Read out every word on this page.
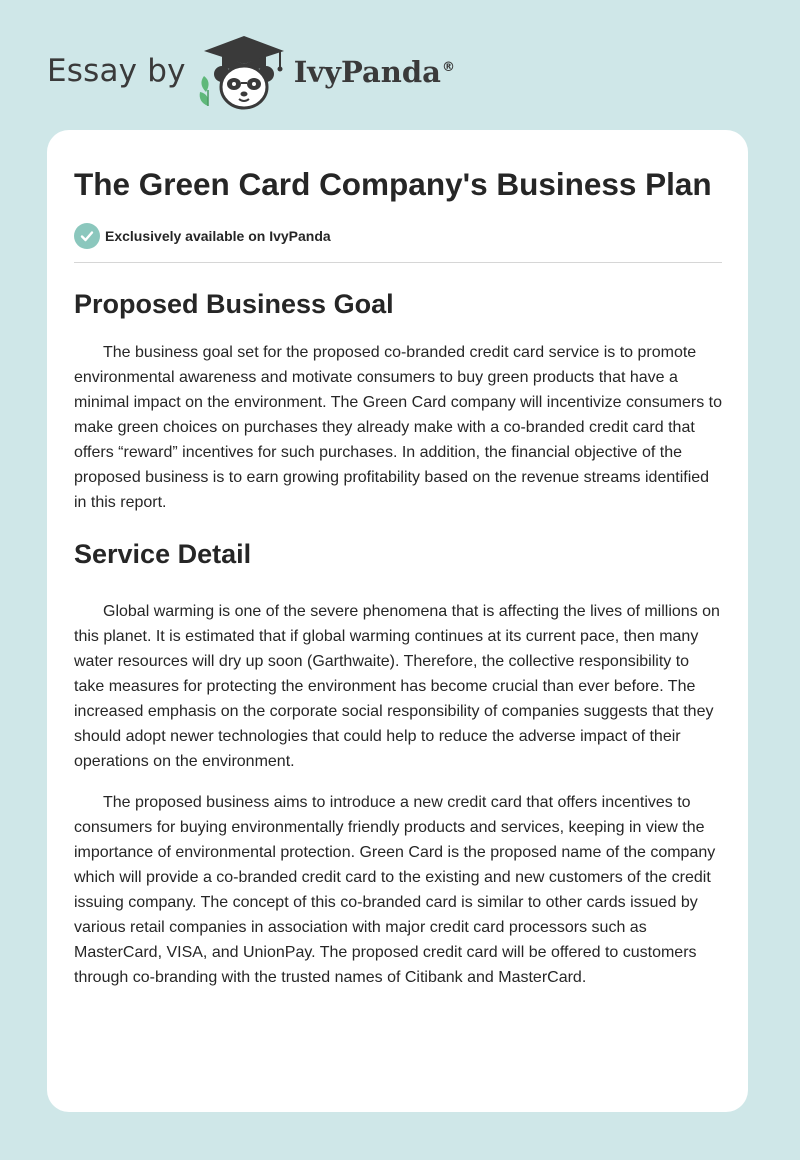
Essay by	IvyPanda®
The Green Card Company's Business Plan
Exclusively available on IvyPanda
Proposed Business Goal

The business goal set for the proposed co-branded credit card service is to promote environmental awareness and motivate consumers to buy green products that have a minimal impact on the environment. The Green Card company will incentivize consumers to make green choices on purchases they already make with a co-branded credit card that offers “reward” incentives for such purchases. In addition, the financial objective of the proposed business is to earn growing profitability based on the revenue streams identified in this report.

Service Detail

Global warming is one of the severe phenomena that is affecting the lives of millions on this planet. It is estimated that if global warming continues at its current pace, then many water resources will dry up soon (Garthwaite). Therefore, the collective responsibility to take measures for protecting the environment has become crucial than ever before. The increased emphasis on the corporate social responsibility of companies suggests that they should adopt newer technologies that could help to reduce the adverse impact of their operations on the environment.

The proposed business aims to introduce a new credit card that offers incentives to consumers for buying environmentally friendly products and services, keeping in view the importance of environmental protection. Green Card is the proposed name of the company which will provide a co-branded credit card to the existing and new customers of the credit issuing company. The concept of this co-branded card is similar to other cards issued by various retail companies in association with major credit card processors such as MasterCard, VISA, and UnionPay. The proposed credit card will be offered to customers through co-branding with the trusted names of Citibank and MasterCard.
